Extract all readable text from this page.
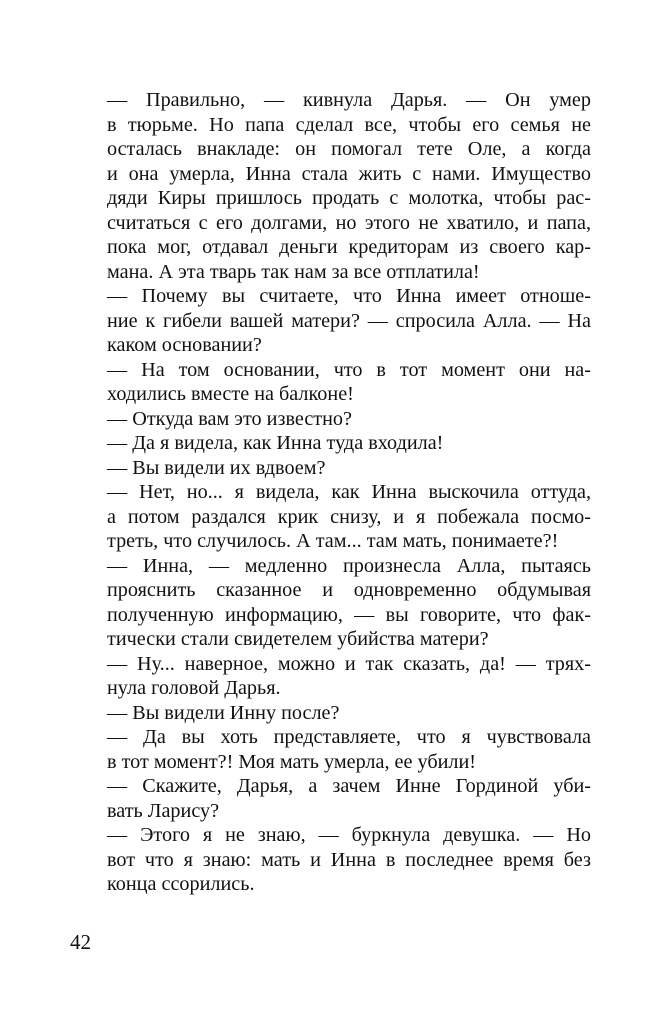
— Правильно, — кивнула Дарья. — Он умер
в тюрьме. Но папа сделал все, чтобы его семья не
осталась внакладе: он помогал тете Оле, а когда
и она умерла, Инна стала жить с нами. Имущество
дяди Киры пришлось продать с молотка, чтобы рас-
считаться с его долгами, но этого не хватило, и папа,
пока мог, отдавал деньги кредиторам из своего кар-
мана. А эта тварь так нам за все отплатила!
— Почему вы считаете, что Инна имеет отноше-
ние к гибели вашей матери? — спросила Алла. — На
каком основании?
— На том основании, что в тот момент они на-
ходились вместе на балконе!
— Откуда вам это известно?
— Да я видела, как Инна туда входила!
— Вы видели их вдвоем?
— Нет, но... я видела, как Инна выскочила оттуда,
а потом раздался крик снизу, и я побежала посмо-
треть, что случилось. А там... там мать, понимаете?!
— Инна, — медленно произнесла Алла, пытаясь
прояснить сказанное и одновременно обдумывая
полученную информацию, — вы говорите, что фак-
тически стали свидетелем убийства матери?
— Ну... наверное, можно и так сказать, да! — трях-
нула головой Дарья.
— Вы видели Инну после?
— Да вы хоть представляете, что я чувствовала
в тот момент?! Моя мать умерла, ее убили!
— Скажите, Дарья, а зачем Инне Гординой уби-
вать Ларису?
— Этого я не знаю, — буркнула девушка. — Но
вот что я знаю: мать и Инна в последнее время без
конца ссорились.
42
